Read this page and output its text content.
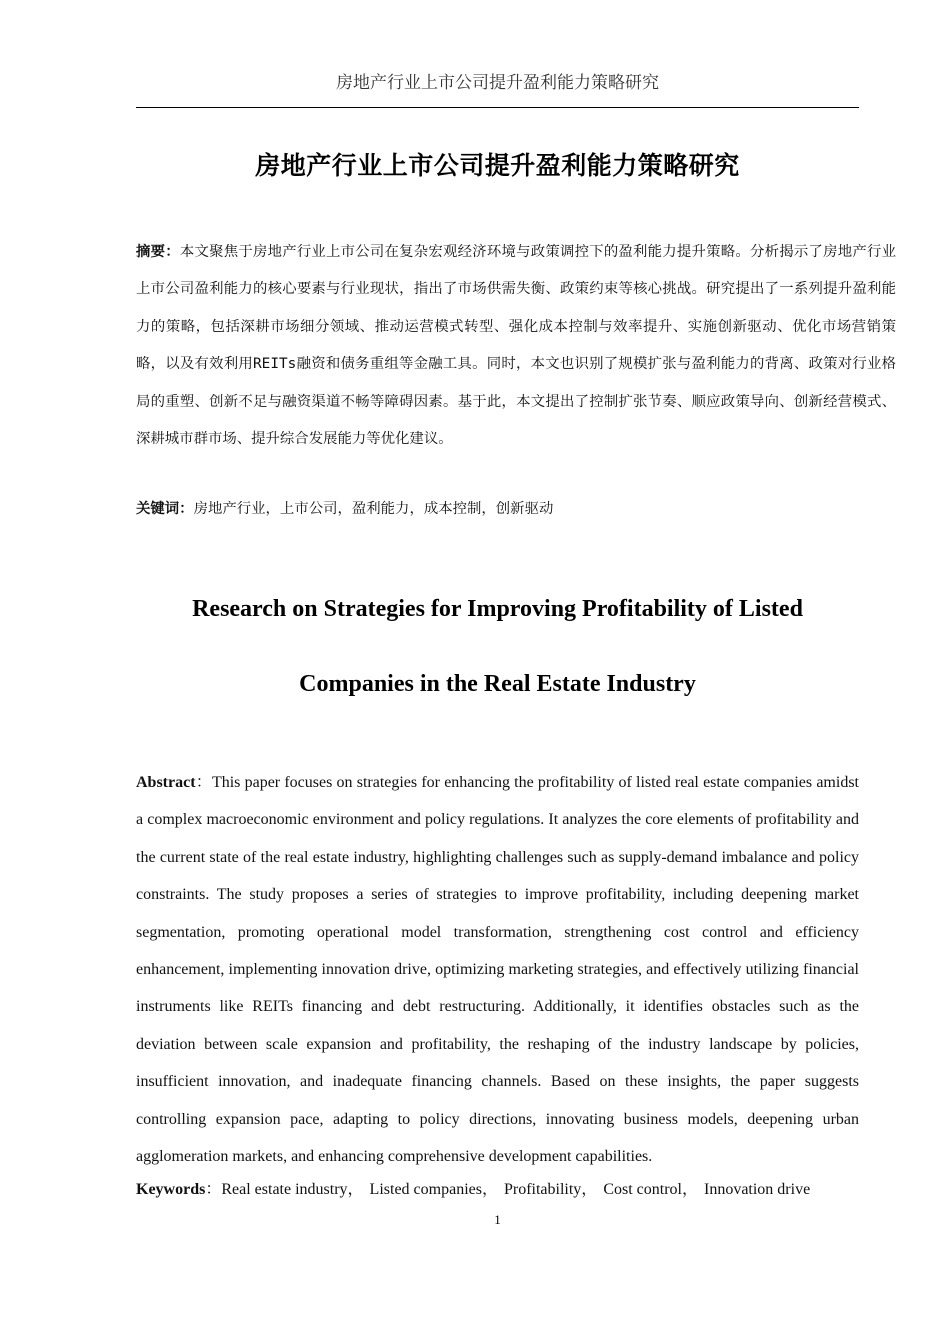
房地产行业上市公司提升盈利能力策略研究
房地产行业上市公司提升盈利能力策略研究
摘要：本文聚焦于房地产行业上市公司在复杂宏观经济环境与政策调控下的盈利能力提升策略。分析揭示了房地产行业上市公司盈利能力的核心要素与行业现状，指出了市场供需失衡、政策约束等核心挑战。研究提出了一系列提升盈利能力的策略，包括深耕市场细分领域、推动运营模式转型、强化成本控制与效率提升、实施创新驱动、优化市场营销策略，以及有效利用REITs融资和债务重组等金融工具。同时，本文也识别了规模扩张与盈利能力的背离、政策对行业格局的重塑、创新不足与融资渠道不畅等障碍因素。基于此，本文提出了控制扩张节奏、顺应政策导向、创新经营模式、深耕城市群市场、提升综合发展能力等优化建议。
关键词：房地产行业，上市公司，盈利能力，成本控制，创新驱动
Research on Strategies for Improving Profitability of Listed
Companies in the Real Estate Industry
Abstract：This paper focuses on strategies for enhancing the profitability of listed real estate companies amidst a complex macroeconomic environment and policy regulations. It analyzes the core elements of profitability and the current state of the real estate industry, highlighting challenges such as supply-demand imbalance and policy constraints. The study proposes a series of strategies to improve profitability, including deepening market segmentation, promoting operational model transformation, strengthening cost control and efficiency enhancement, implementing innovation drive, optimizing marketing strategies, and effectively utilizing financial instruments like REITs financing and debt restructuring. Additionally, it identifies obstacles such as the deviation between scale expansion and profitability, the reshaping of the industry landscape by policies, insufficient innovation, and inadequate financing channels. Based on these insights, the paper suggests controlling expansion pace, adapting to policy directions, innovating business models, deepening urban agglomeration markets, and enhancing comprehensive development capabilities.
Keywords：Real estate industry， Listed companies， Profitability， Cost control， Innovation drive
1
